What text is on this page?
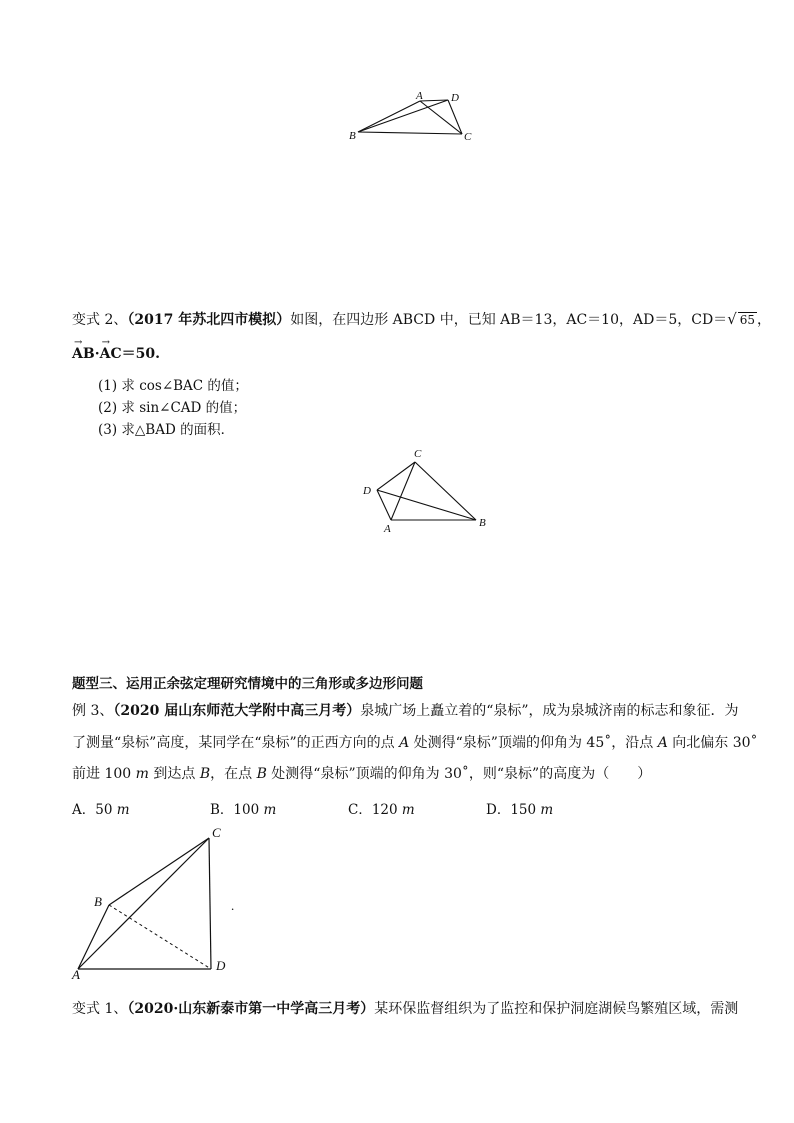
A	D
B	C
变式 2、（2017 年苏北四市模拟）如图，在四边形 ABCD 中，已知 AB＝13，AC＝10，AD＝5，CD＝√ 65 ，
→ AB·→ AC＝50.
(1) 求 cos∠BAC 的值；
(2) 求 sin∠CAD 的值；
(3) 求△BAD 的面积．
C
D
A	B
题型三、运用正余弦定理研究情境中的三角形或多边形问题
例 3、（2020 届山东师范大学附中高三月考）泉城广场上矗立着的“泉标”，成为泉城济南的标志和象征．为
了测量“泉标”高度，某同学在“泉标”的正西方向的点 A 处测得“泉标”顶端的仰角为 45˚，沿点 A 向北偏东 30˚
前进 100 m 到达点 B，在点 B 处测得“泉标”顶端的仰角为 30˚，则“泉标”的高度为（　　）
A．50 m	B．100 m	C．120 m	D．150 m
C
B
A
D
.
变式 1、（2020·山东新泰市第一中学高三月考）某环保监督组织为了监控和保护洞庭湖候鸟繁殖区域，需测
